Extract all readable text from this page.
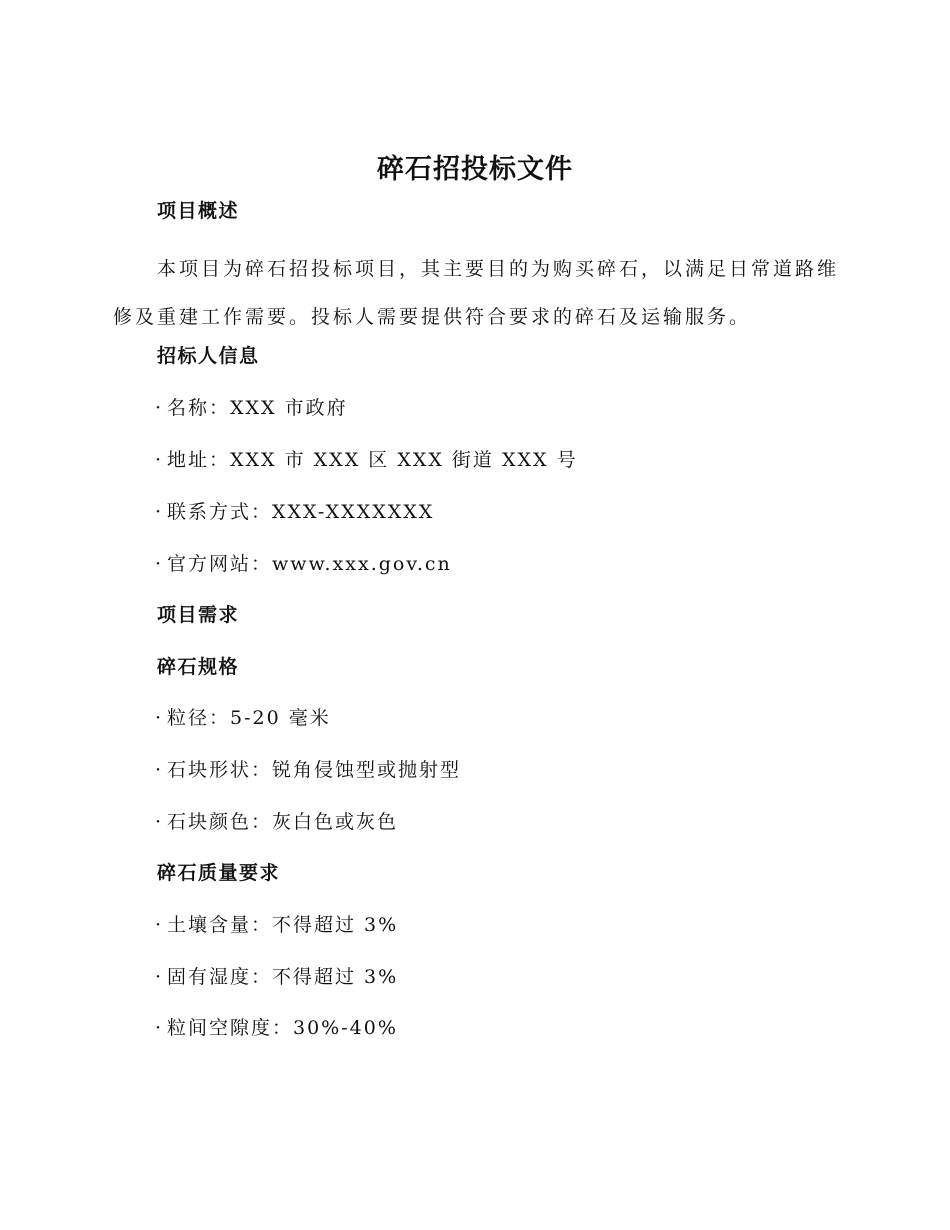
碎石招投标文件
项目概述
本项目为碎石招投标项目，其主要目的为购买碎石，以满足日常道路维修及重建工作需要。投标人需要提供符合要求的碎石及运输服务。
招标人信息
· 名称：XXX 市政府
· 地址：XXX 市 XXX 区 XXX 街道 XXX 号
· 联系方式：XXX-XXXXXXX
· 官方网站：www.xxx.gov.cn
项目需求
碎石规格
· 粒径：5-20 毫米
· 石块形状：锐角侵蚀型或抛射型
· 石块颜色：灰白色或灰色
碎石质量要求
· 土壤含量：不得超过 3%
· 固有湿度：不得超过 3%
· 粒间空隙度：30%-40%
